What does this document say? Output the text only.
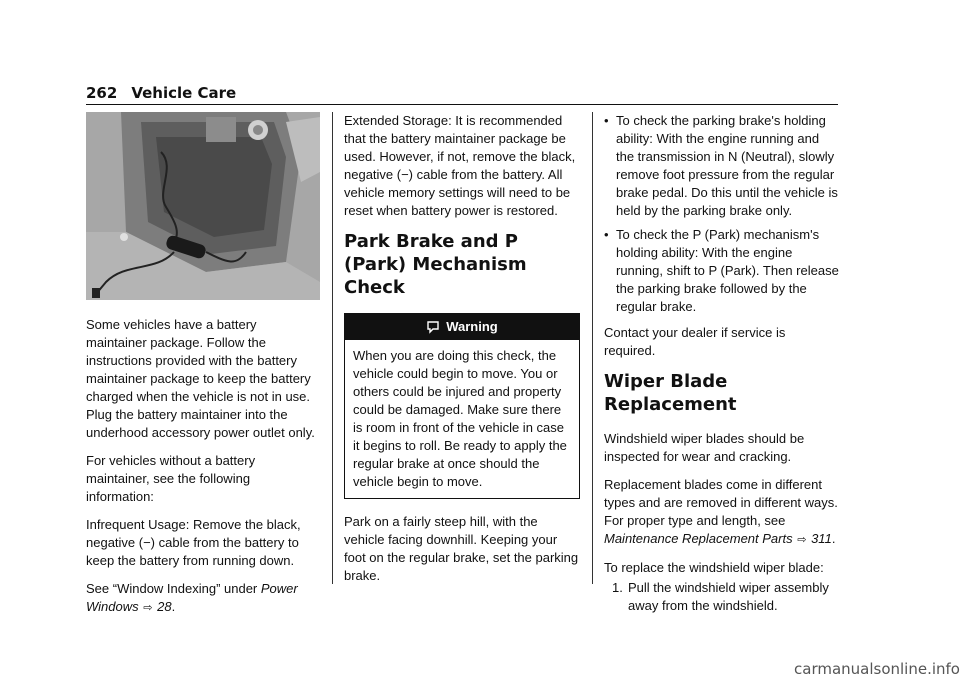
262 Vehicle Care

Some vehicles have a battery maintainer package. Follow the instructions provided with the battery maintainer package to keep the battery charged when the vehicle is not in use. Plug the battery maintainer into the underhood accessory power outlet only.

For vehicles without a battery maintainer, see the following information:

Infrequent Usage: Remove the black, negative (−) cable from the battery to keep the battery from running down.

See “Window Indexing” under Power Windows ⇨ 28.

Extended Storage: It is recommended that the battery maintainer package be used. However, if not, remove the black, negative (−) cable from the battery. All vehicle memory settings will need to be reset when battery power is restored.

Park Brake and P (Park) Mechanism Check
Warning
When you are doing this check, the vehicle could begin to move. You or others could be injured and property could be damaged. Make sure there is room in front of the vehicle in case it begins to roll. Be ready to apply the regular brake at once should the vehicle begin to move.

Park on a fairly steep hill, with the vehicle facing downhill. Keeping your foot on the regular brake, set the parking brake.

• To check the parking brake's holding ability: With the engine running and the transmission in N (Neutral), slowly remove foot pressure from the regular brake pedal. Do this until the vehicle is held by the parking brake only.
• To check the P (Park) mechanism's holding ability: With the engine running, shift to P (Park). Then release the parking brake followed by the regular brake.

Contact your dealer if service is required.

Wiper Blade Replacement

Windshield wiper blades should be inspected for wear and cracking.

Replacement blades come in different types and are removed in different ways. For proper type and length, see Maintenance Replacement Parts ⇨ 311.

To replace the windshield wiper blade:

1. Pull the windshield wiper assembly away from the windshield.
carmanualsonline.info
